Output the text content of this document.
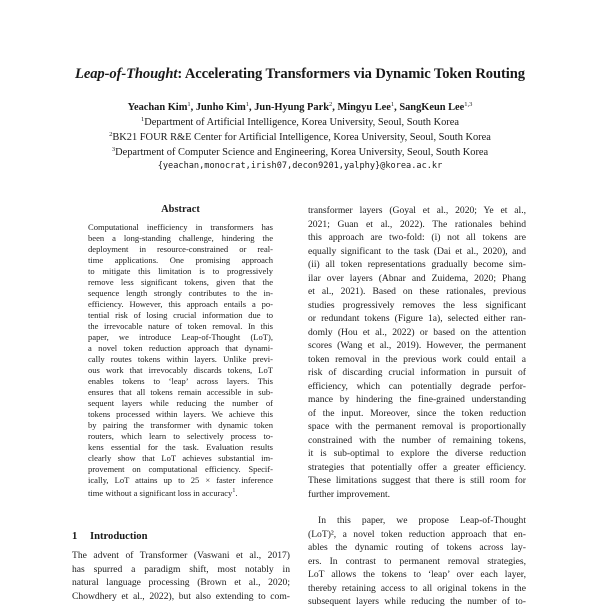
Leap-of-Thought: Accelerating Transformers via Dynamic Token Routing
Yeachan Kim$^1$, Junho Kim$^1$, Jun-Hyung Park$^2$, Mingyu Lee$^1$, SangKeun Lee$^{1,3}$
$^1$Department of Artificial Intelligence, Korea University, Seoul, South Korea
$^2$BK21 FOUR R&E Center for Artificial Intelligence, Korea University, Seoul, South Korea
$^3$Department of Computer Science and Engineering, Korea University, Seoul, South Korea
{yeachan,monocrat,irish07,decon9201,yalphy}@korea.ac.kr
Abstract
Computational inefficiency in transformers has
been a long-standing challenge, hindering the
deployment in resource-constrained or real-
time applications. One promising approach
to mitigate this limitation is to progressively
remove less significant tokens, given that the
sequence length strongly contributes to the in-
efficiency. However, this approach entails a po-
tential risk of losing crucial information due to
the irrevocable nature of token removal. In this
paper, we introduce Leap-of-Thought (LoT),
a novel token reduction approach that dynami-
cally routes tokens within layers. Unlike previ-
ous work that irrevocably discards tokens, LoT
enables tokens to ‘leap’ across layers. This
ensures that all tokens remain accessible in sub-
sequent layers while reducing the number of
tokens processed within layers. We achieve this
by pairing the transformer with dynamic token
routers, which learn to selectively process to-
kens essential for the task. Evaluation results
clearly show that LoT achieves substantial im-
provement on computational efficiency. Specif-
ically, LoT attains up to 25 × faster inference
time without a significant loss in accuracy$^1$.
1 Introduction
The advent of Transformer (Vaswani et al., 2017)
has spurred a paradigm shift, most notably in
natural language processing (Brown et al., 2020;
Chowdhery et al., 2022), but also extending to com-
transformer layers (Goyal et al., 2020; Ye et al.,
2021; Guan et al., 2022). The rationales behind
this approach are two-fold: (i) not all tokens are
equally significant to the task (Dai et al., 2020), and
(ii) all token representations gradually become sim-
ilar over layers (Abnar and Zuidema, 2020; Phang
et al., 2021). Based on these rationales, previous
studies progressively removes the less significant
or redundant tokens (Figure 1a), selected either ran-
domly (Hou et al., 2022) or based on the attention
scores (Wang et al., 2019). However, the permanent
token removal in the previous work could entail a
risk of discarding crucial information in pursuit of
efficiency, which can potentially degrade perfor-
mance by hindering the fine-grained understanding
of the input. Moreover, since the token reduction
space with the permanent removal is proportionally
constrained with the number of remaining tokens,
it is sub-optimal to explore the diverse reduction
strategies that potentially offer a greater efficiency.
These limitations suggest that there is still room for
further improvement.
In this paper, we propose Leap-of-Thought
(LoT)², a novel token reduction approach that en-
ables the dynamic routing of tokens across lay-
ers. In contrast to permanent removal strategies,
LoT allows the tokens to ‘leap’ over each layer,
thereby retaining access to all original tokens in the
subsequent layers while reducing the number of to-
